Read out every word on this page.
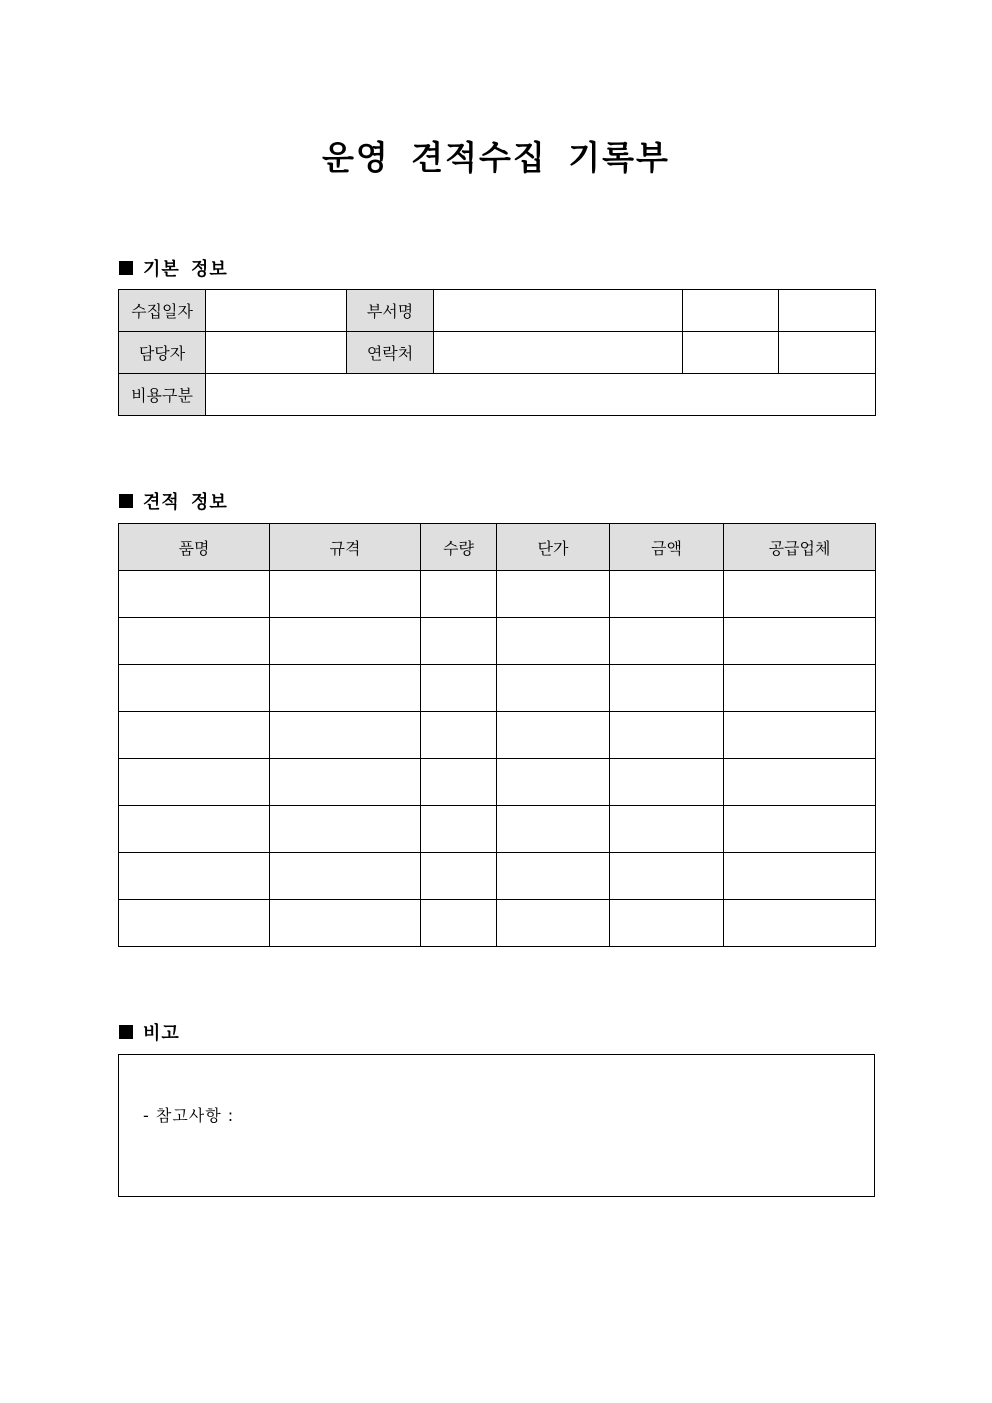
운영 견적수집 기록부
기본 정보
수집일자		부서명			
담당자		연락처			
비용구분					
견적 정보
품명	규격	수량	단가	금액	공급업체

비고
- 참고사항 :
